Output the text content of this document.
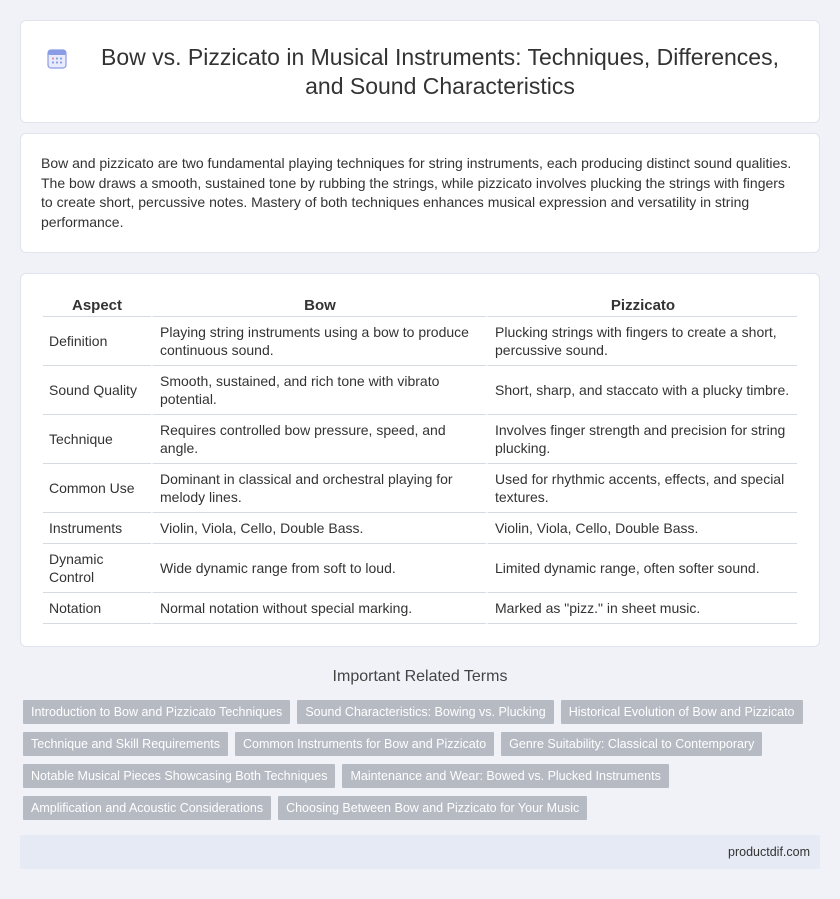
Bow vs. Pizzicato in Musical Instruments: Techniques, Differences, and Sound Characteristics

Bow and pizzicato are two fundamental playing techniques for string instruments, each producing distinct sound qualities. The bow draws a smooth, sustained tone by rubbing the strings, while pizzicato involves plucking the strings with fingers to create short, percussive notes. Mastery of both techniques enhances musical expression and versatility in string performance.

Aspect	Bow	Pizzicato
Definition	Playing string instruments using a bow to produce continuous sound.	Plucking strings with fingers to create a short, percussive sound.
Sound Quality	Smooth, sustained, and rich tone with vibrato potential.	Short, sharp, and staccato with a plucky timbre.
Technique	Requires controlled bow pressure, speed, and angle.	Involves finger strength and precision for string plucking.
Common Use	Dominant in classical and orchestral playing for melody lines.	Used for rhythmic accents, effects, and special textures.
Instruments	Violin, Viola, Cello, Double Bass.	Violin, Viola, Cello, Double Bass.
Dynamic Control	Wide dynamic range from soft to loud.	Limited dynamic range, often softer sound.
Notation	Normal notation without special marking.	Marked as "pizz." in sheet music.
Important Related Terms
Introduction to Bow and Pizzicato Techniques	Sound Characteristics: Bowing vs. Plucking	Historical Evolution of Bow and Pizzicato
Technique and Skill Requirements	Common Instruments for Bow and Pizzicato	Genre Suitability: Classical to Contemporary
Notable Musical Pieces Showcasing Both Techniques	Maintenance and Wear: Bowed vs. Plucked Instruments
Amplification and Acoustic Considerations	Choosing Between Bow and Pizzicato for Your Music
productdif.com
